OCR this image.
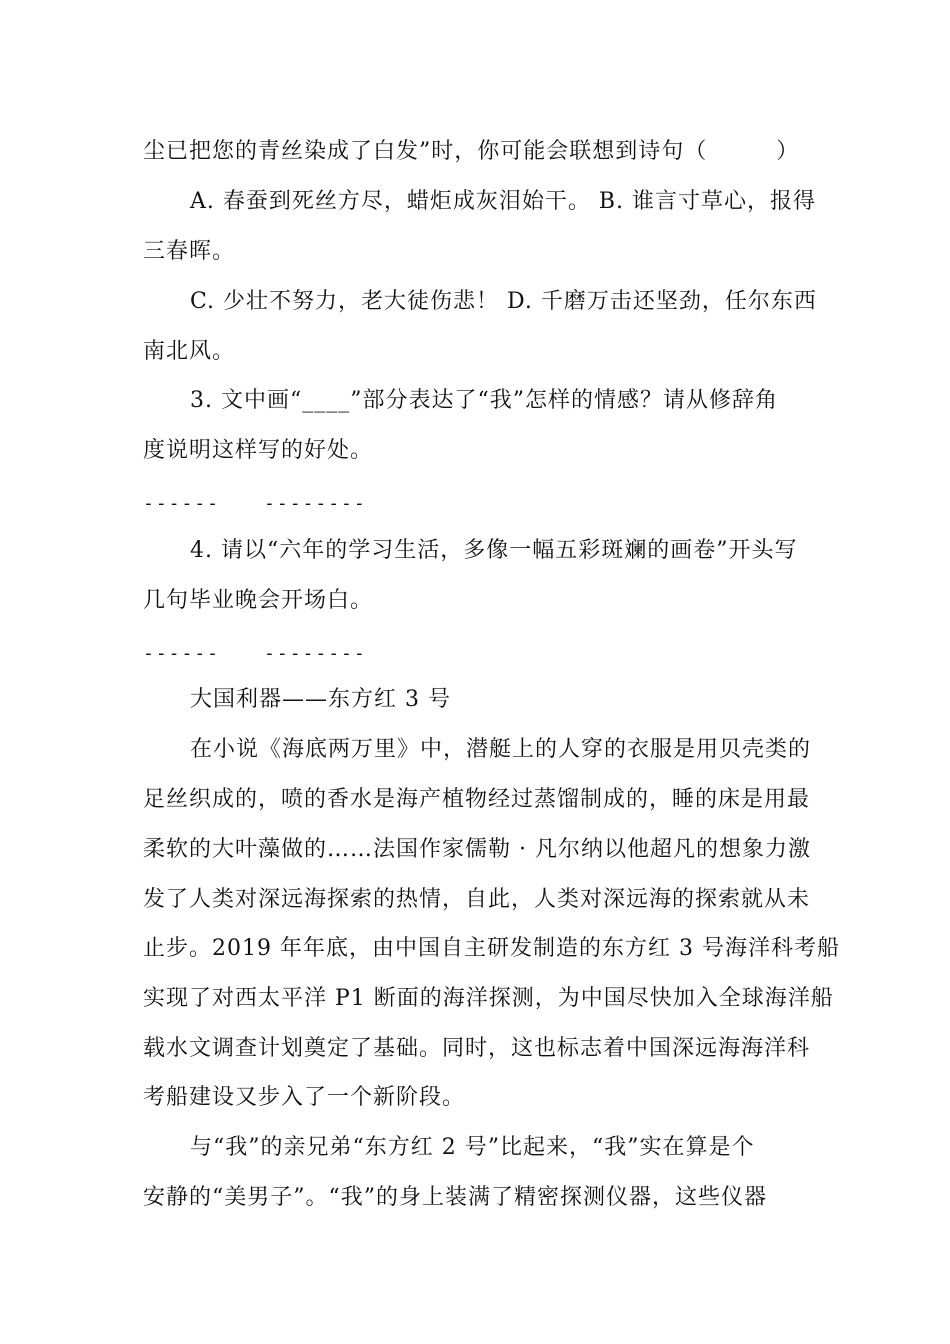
尘已把您的青丝染成了白发”时，你可能会联想到诗句（　　　）
A. 春蚕到死丝方尽，蜡炬成灰泪始干。 B. 谁言寸草心，报得
三春晖。
C. 少壮不努力，老大徒伤悲！ D. 千磨万击还坚劲，任尔东西
南北风。
3. 文中画“____”部分表达了“我”怎样的情感？请从修辞角
度说明这样写的好处。
------ --------
4. 请以“六年的学习生活，多像一幅五彩斑斓的画卷”开头写
几句毕业晚会开场白。
------ --------
大国利器——东方红 3 号
在小说《海底两万里》中，潜艇上的人穿的衣服是用贝壳类的
足丝织成的，喷的香水是海产植物经过蒸馏制成的，睡的床是用最
柔软的大叶藻做的……法国作家儒勒 · 凡尔纳以他超凡的想象力激
发了人类对深远海探索的热情，自此，人类对深远海的探索就从未
止步。2019 年年底，由中国自主研发制造的东方红 3 号海洋科考船
实现了对西太平洋 P1 断面的海洋探测，为中国尽快加入全球海洋船
载水文调查计划奠定了基础。同时，这也标志着中国深远海海洋科
考船建设又步入了一个新阶段。
与“我”的亲兄弟“东方红 2 号”比起来，“我”实在算是个
安静的“美男子”。“我”的身上装满了精密探测仪器，这些仪器
